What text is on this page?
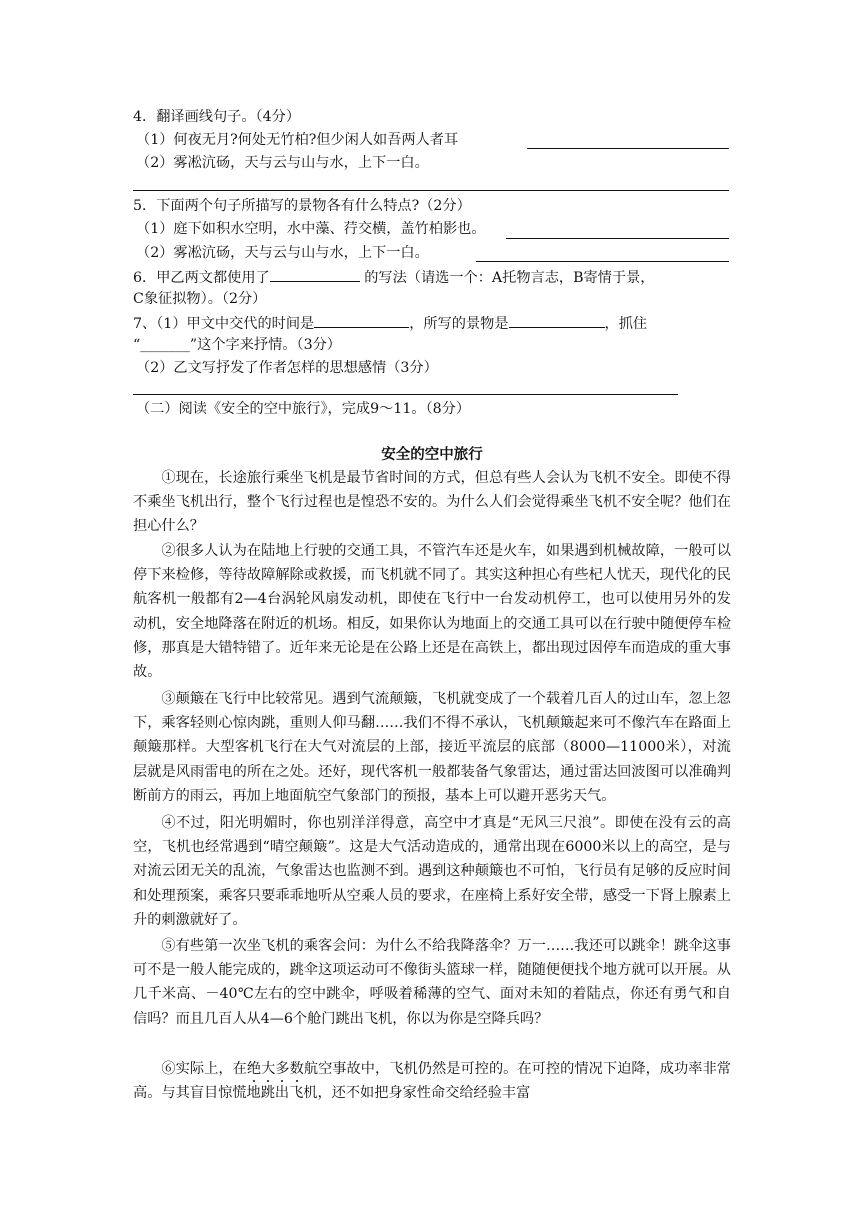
4．翻译画线句子。（4分）
（1）何夜无月?何处无竹柏?但少闲人如吾两人者耳
（2）雾凇沆砀，天与云与山与水，上下一白。
5．下面两个句子所描写的景物各有什么特点?（2分）
（1）庭下如积水空明，水中藻、荇交横，盖竹柏影也。
（2）雾凇沆砀，天与云与山与水，上下一白。
6．甲乙两文都使用了	的写法（请选一个：A托物言志，B寄情于景，
C象征拟物）。（2分）
7、（1）甲文中交代的时间是	，所写的景物是	，抓住
“_______”这个字来抒情。（3分）
（2）乙文写抒发了作者怎样的思想感情（3分）
（二）阅读《安全的空中旅行》，完成9～11。（8分）
安全的空中旅行

①现在，长途旅行乘坐飞机是最节省时间的方式，但总有些人会认为飞机不安全。即使不得不乘坐飞机出行，整个飞行过程也是惶恐不安的。为什么人们会觉得乘坐飞机不安全呢？他们在担心什么？

②很多人认为在陆地上行驶的交通工具，不管汽车还是火车，如果遇到机械故障，一般可以停下来检修，等待故障解除或救援，而飞机就不同了。其实这种担心有些杞人忧天，现代化的民航客机一般都有2—4台涡轮风扇发动机，即使在飞行中一台发动机停工，也可以使用另外的发动机，安全地降落在附近的机场。相反，如果你认为地面上的交通工具可以在行驶中随便停车检修，那真是大错特错了。近年来无论是在公路上还是在高铁上，都出现过因停车而造成的重大事故。

③颠簸在飞行中比较常见。遇到气流颠簸，飞机就变成了一个载着几百人的过山车，忽上忽下，乘客轻则心惊肉跳，重则人仰马翻……我们不得不承认，飞机颠簸起来可不像汽车在路面上颠簸那样。大型客机飞行在大气对流层的上部，接近平流层的底部（8000—11000米），对流层就是风雨雷电的所在之处。还好，现代客机一般都装备气象雷达，通过雷达回波图可以准确判断前方的雨云，再加上地面航空气象部门的预报，基本上可以避开恶劣天气。

④不过，阳光明媚时，你也别洋洋得意，高空中才真是“无风三尺浪”。即使在没有云的高空，飞机也经常遇到“晴空颠簸”。这是大气活动造成的，通常出现在6000米以上的高空，是与对流云团无关的乱流，气象雷达也监测不到。遇到这种颠簸也不可怕，飞行员有足够的反应时间和处理预案，乘客只要乖乖地听从空乘人员的要求，在座椅上系好安全带，感受一下肾上腺素上升的刺激就好了。

⑤有些第一次坐飞机的乘客会问：为什么不给我降落伞？万一……我还可以跳伞！跳伞这事可不是一般人能完成的，跳伞这项运动可不像街头篮球一样，随随便便找个地方就可以开展。从几千米高、－40℃左右的空中跳伞，呼吸着稀薄的空气、面对未知的着陆点，你还有勇气和自信吗？而且几百人从4—6个舱门跳出飞机，你以为你是空降兵吗？

⑥实际上，在绝大多数航空事故中，飞机仍然是可控的。在可控的情况下迫降，成功率非常高。与其盲目惊慌地跳出飞机，还不如把身家性命交给经验丰富
